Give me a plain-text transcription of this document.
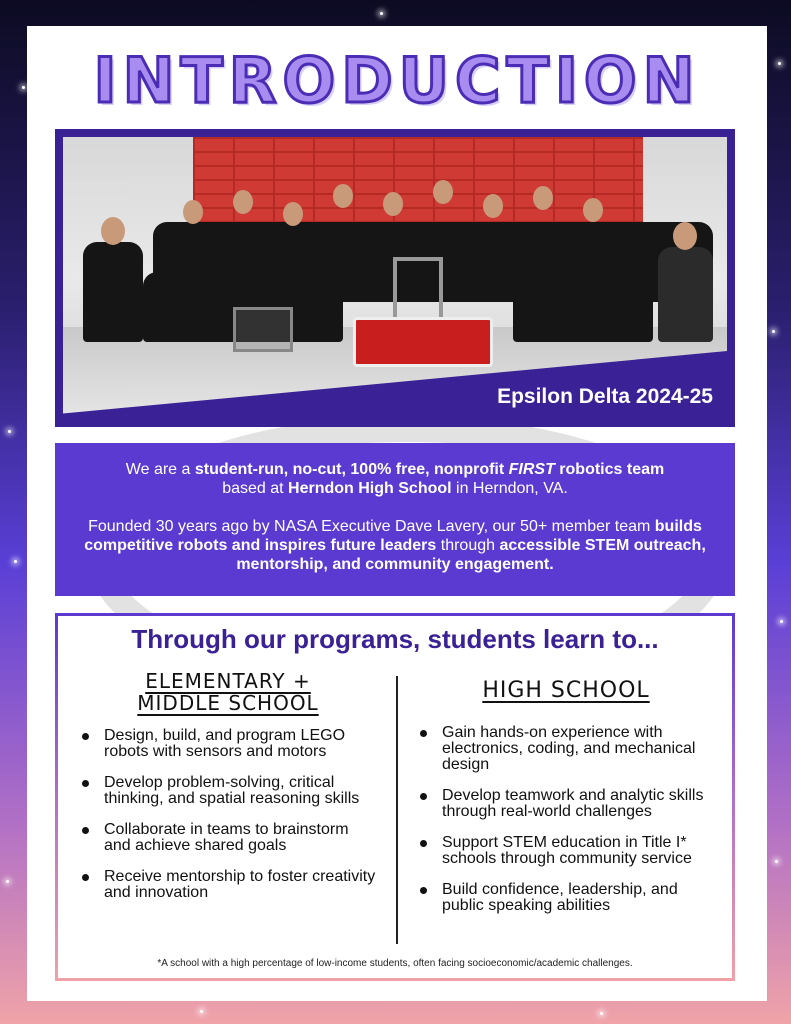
INTRODUCTION
Epsilon Delta 2024-25

We are a student-run, no-cut, 100% free, nonprofit FIRST robotics team
based at Herndon High School in Herndon, VA.

Founded 30 years ago by NASA Executive Dave Lavery, our 50+ member team builds competitive robots and inspires future leaders through accessible STEM outreach, mentorship, and community engagement.

Through our programs, students learn to...
ELEMENTARY +
MIDDLE SCHOOL
Design, build, and program LEGO robots with sensors and motors
Develop problem-solving, critical thinking, and spatial reasoning skills
Collaborate in teams to brainstorm and achieve shared goals
Receive mentorship to foster creativity and innovation
HIGH SCHOOL
Gain hands-on experience with electronics, coding, and mechanical design
Develop teamwork and analytic skills through real-world challenges
Support STEM education in Title I* schools through community service
Build confidence, leadership, and public speaking abilities
*A school with a high percentage of low-income students, often facing socioeconomic/academic challenges.
